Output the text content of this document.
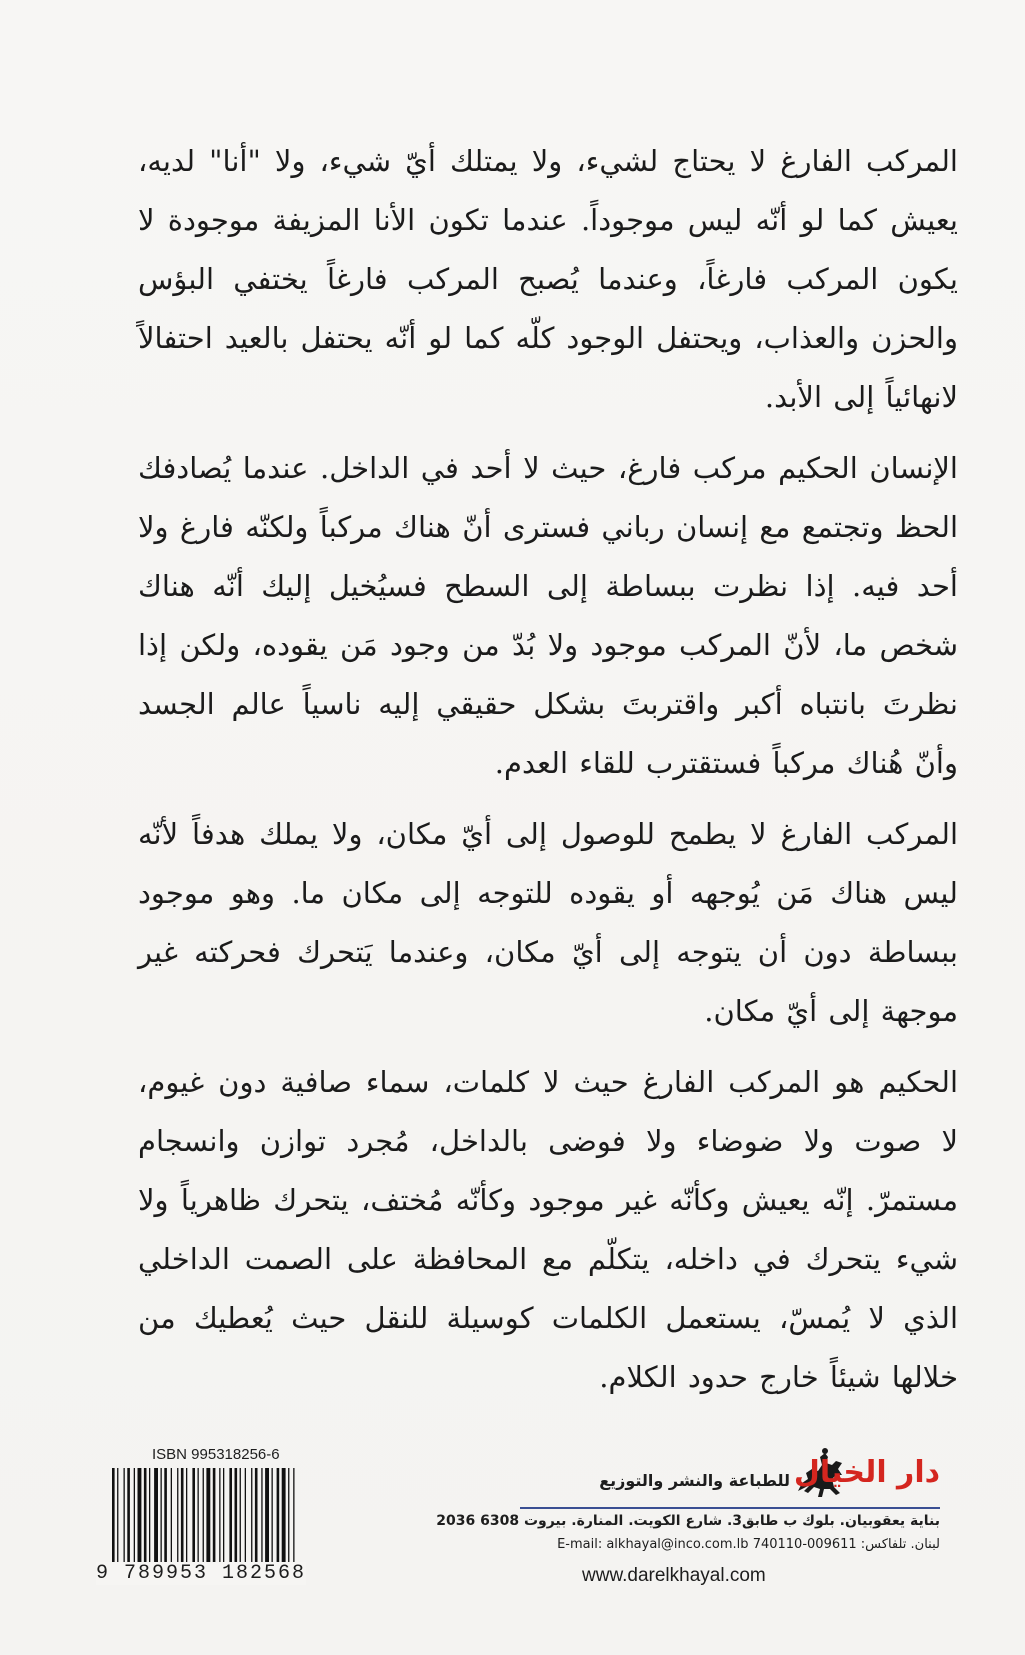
المركب الفارغ لا يحتاج لشيء، ولا يمتلك أيّ شيء، ولا "أنا" لديه، يعيش كما لو أنّه ليس موجوداً. عندما تكون الأنا المزيفة موجودة لا يكون المركب فارغاً، وعندما يُصبح المركب فارغاً يختفي البؤس والحزن والعذاب، ويحتفل الوجود كلّه كما لو أنّه يحتفل بالعيد احتفالاً لانهائياً إلى الأبد.

الإنسان الحكيم مركب فارغ، حيث لا أحد في الداخل. عندما يُصادفك الحظ وتجتمع مع إنسان رباني فسترى أنّ هناك مركباً ولكنّه فارغ ولا أحد فيه. إذا نظرت ببساطة إلى السطح فسيُخيل إليك أنّه هناك شخص ما، لأنّ المركب موجود ولا بُدّ من وجود مَن يقوده، ولكن إذا نظرتَ بانتباه أكبر واقتربتَ بشكل حقيقي إليه ناسياً عالم الجسد وأنّ هُناك مركباً فستقترب للقاء العدم.

المركب الفارغ لا يطمح للوصول إلى أيّ مكان، ولا يملك هدفاً لأنّه ليس هناك مَن يُوجهه أو يقوده للتوجه إلى مكان ما. وهو موجود ببساطة دون أن يتوجه إلى أيّ مكان، وعندما يَتحرك فحركته غير موجهة إلى أيّ مكان.

الحكيم هو المركب الفارغ حيث لا كلمات، سماء صافية دون غيوم، لا صوت ولا ضوضاء ولا فوضى بالداخل، مُجرد توازن وانسجام مستمرّ. إنّه يعيش وكأنّه غير موجود وكأنّه مُختف، يتحرك ظاهرياً ولا شيء يتحرك في داخله، يتكلّم مع المحافظة على الصمت الداخلي الذي لا يُمسّ، يستعمل الكلمات كوسيلة للنقل حيث يُعطيك من خلالها شيئاً خارج حدود الكلام.

ISBN 995318256-6
9 789953 182568
دار الخيال
للطباعة والنشر والتوزيع
بناية يعقوبيان. بلوك ب طابق3. شارع الكويت. المنارة. بيروت 6308 2036
لبنان. تلفاكس: 009611-740110 E-mail: alkhayal@inco.com.lb
www.darelkhayal.com
